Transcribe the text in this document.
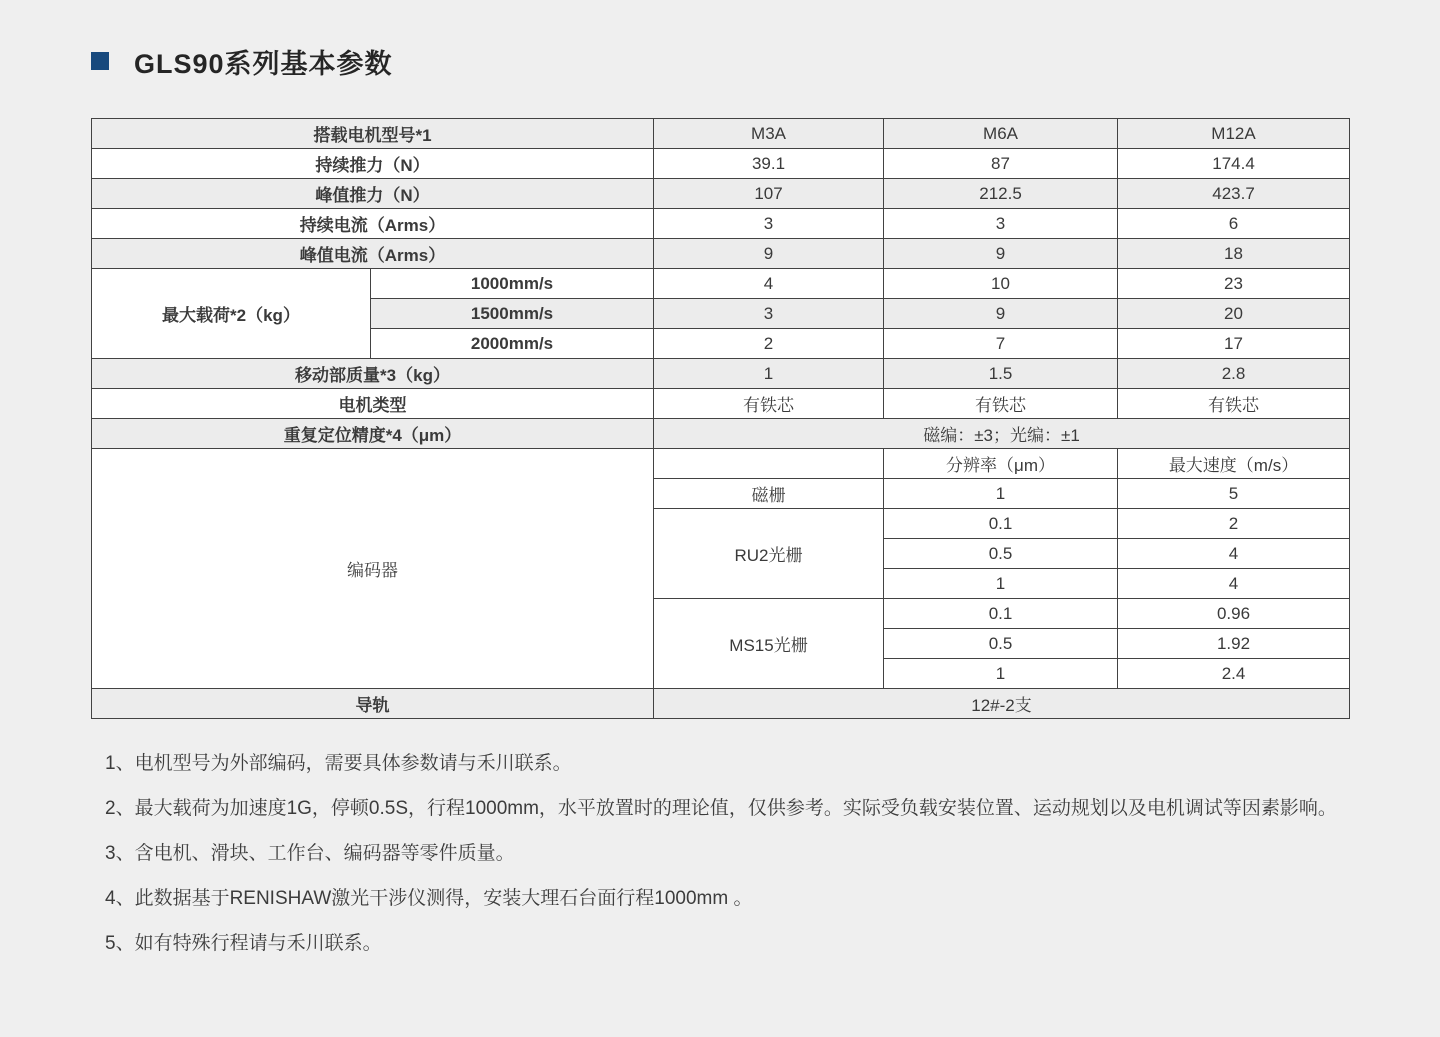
GLS90系列基本参数
搭载电机型号*1		M3A	M6A	M12A
持续推力（N）		39.1	87	174.4
峰值推力（N）		107	212.5	423.7
持续电流（Arms）		3	3	6
峰值电流（Arms）		9	9	18
最大载荷*2（kg）	1000mm/s	4	10	23
	1500mm/s	3	9	20
	2000mm/s	2	7	17
移动部质量*3（kg）		1	1.5	2.8
电机类型		有铁芯	有铁芯	有铁芯
重复定位精度*4（μm）		磁编：±3；光编：±1		
编码器			分辨率（μm）	最大速度（m/s）
		磁栅	1	5
		RU2光栅	0.1	2
			0.5	4
			1	4
		MS15光栅	0.1	0.96
			0.5	1.92
			1	2.4
导轨		12#-2支		

1、电机型号为外部编码，需要具体参数请与禾川联系。

2、最大载荷为加速度1G，停顿0.5S，行程1000mm，水平放置时的理论值，仅供参考。实际受负载安装位置、运动规划以及电机调试等因素影响。

3、含电机、滑块、工作台、编码器等零件质量。

4、此数据基于RENISHAW激光干涉仪测得，安装大理石台面行程1000mm 。

5、如有特殊行程请与禾川联系。
